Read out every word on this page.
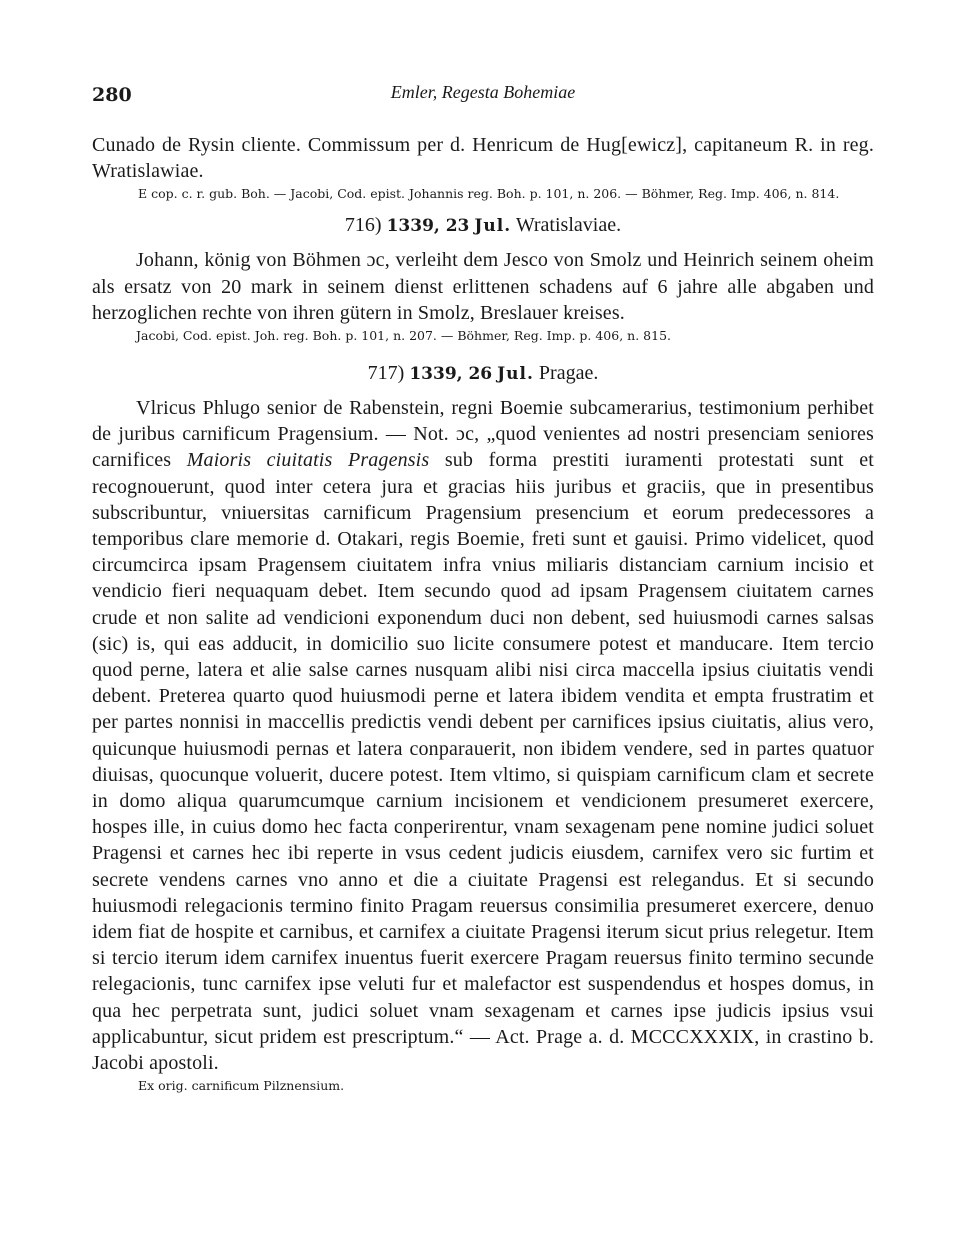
280	Emler, Regesta Bohemiae

Cunado de Rysin cliente. Commissum per d. Henricum de Hug[ewicz], capitaneum R. in reg. Wratislawiae.

E cop. c. r. gub. Boh. — Jacobi, Cod. epist. Johannis reg. Boh. p. 101, n. 206. — Böhmer, Reg. Imp. 406, n. 814.

716) 1339, 23 Jul. Wratislaviae.

Johann, könig von Böhmen ɔc, verleiht dem Jesco von Smolz und Heinrich seinem oheim als ersatz von 20 mark in seinem dienst erlittenen schadens auf 6 jahre alle abgaben und herzoglichen rechte von ihren gütern in Smolz, Breslauer kreises.

Jacobi, Cod. epist. Joh. reg. Boh. p. 101, n. 207. — Böhmer, Reg. Imp. p. 406, n. 815.

717) 1339, 26 Jul. Pragae.

Vlricus Phlugo senior de Rabenstein, regni Boemie subcamerarius, testimonium perhibet de juribus carnificum Pragensium. — Not. ɔc, „quod venientes ad nostri presenciam seniores carnifices Maioris ciuitatis Pragensis sub forma prestiti iuramenti protestati sunt et recognouerunt, quod inter cetera jura et gracias hiis juribus et graciis, que in presentibus subscribuntur, vniuersitas carnificum Pragensium presencium et eorum predecessores a temporibus clare memorie d. Otakari, regis Boemie, freti sunt et gauisi. Primo videlicet, quod circumcirca ipsam Pragensem ciuitatem infra vnius miliaris distanciam carnium incisio et vendicio fieri nequaquam debet. Item secundo quod ad ipsam Pragensem ciuitatem carnes crude et non salite ad vendicioni exponendum duci non debent, sed huiusmodi carnes salsas (sic) is, qui eas adducit, in domicilio suo licite consumere potest et manducare. Item tercio quod perne, latera et alie salse carnes nusquam alibi nisi circa maccella ipsius ciuitatis vendi debent. Preterea quarto quod huiusmodi perne et latera ibidem vendita et empta frustratim et per partes nonnisi in maccellis predictis vendi debent per carnifices ipsius ciuitatis, alius vero, quicunque huiusmodi pernas et latera conparauerit, non ibidem vendere, sed in partes quatuor diuisas, quocunque voluerit, ducere potest. Item vltimo, si quispiam carnificum clam et secrete in domo aliqua quarumcumque carnium incisionem et vendicionem presumeret exercere, hospes ille, in cuius domo hec facta conperirentur, vnam sexagenam pene nomine judici soluet Pragensi et carnes hec ibi reperte in vsus cedent judicis eiusdem, carnifex vero sic furtim et secrete vendens carnes vno anno et die a ciuitate Pragensi est relegandus. Et si secundo huiusmodi relegacionis termino finito Pragam reuersus consimilia presumeret exercere, denuo idem fiat de hospite et carnibus, et carnifex a ciuitate Pragensi iterum sicut prius relegetur. Item si tercio iterum idem carnifex inuentus fuerit exercere Pragam reuersus finito termino secunde relegacionis, tunc carnifex ipse veluti fur et malefactor est suspendendus et hospes domus, in qua hec perpetrata sunt, judici soluet vnam sexagenam et carnes ipse judicis ipsius vsui applicabuntur, sicut pridem est prescriptum.“ — Act. Prage a. d. MCCCXXXIX, in crastino b. Jacobi apostoli.

Ex orig. carnificum Pilznensium.
